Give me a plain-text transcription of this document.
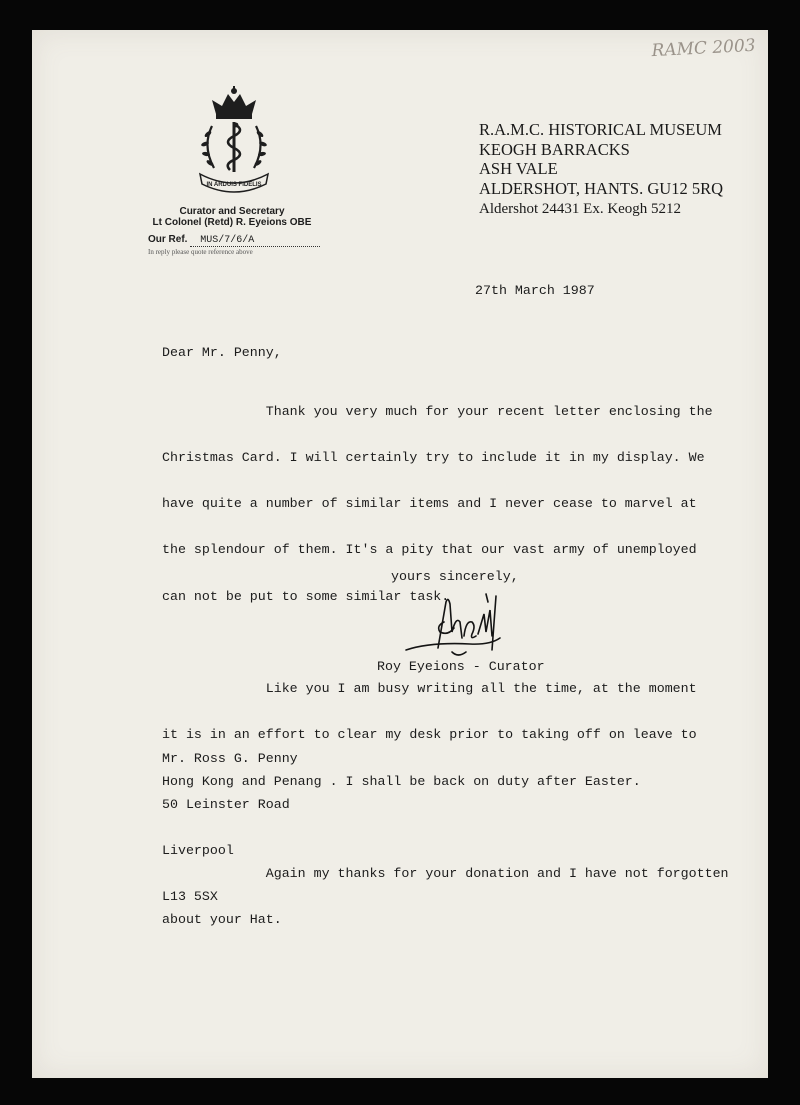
RAMC 2003
IN ARDUIS FIDELIS
Curator and Secretary
Lt Colonel (Retd) R. Eyeions OBE
Our Ref. MUS/7/6/A
In reply please quote reference above
R.A.M.C. HISTORICAL MUSEUM
KEOGH BARRACKS
ASH VALE
ALDERSHOT, HANTS. GU12 5RQ
Aldershot 24431 Ex. Keogh 5212
27th March 1987
Dear Mr. Penny,

Thank you very much for your recent letter enclosing the

Christmas Card. I will certainly try to include it in my display. We

have quite a number of similar items and I never cease to marvel at

the splendour of them. It's a pity that our vast army of unemployed

can not be put to some similar task.

Like you I am busy writing all the time, at the moment

it is in an effort to clear my desk prior to taking off on leave to

Hong Kong and Penang . I shall be back on duty after Easter.

Again my thanks for your donation and I have not forgotten

about your Hat.

yours sincerely,
Roy Eyeions - Curator

Mr. Ross G. Penny

50 Leinster Road

Liverpool

L13 5SX
